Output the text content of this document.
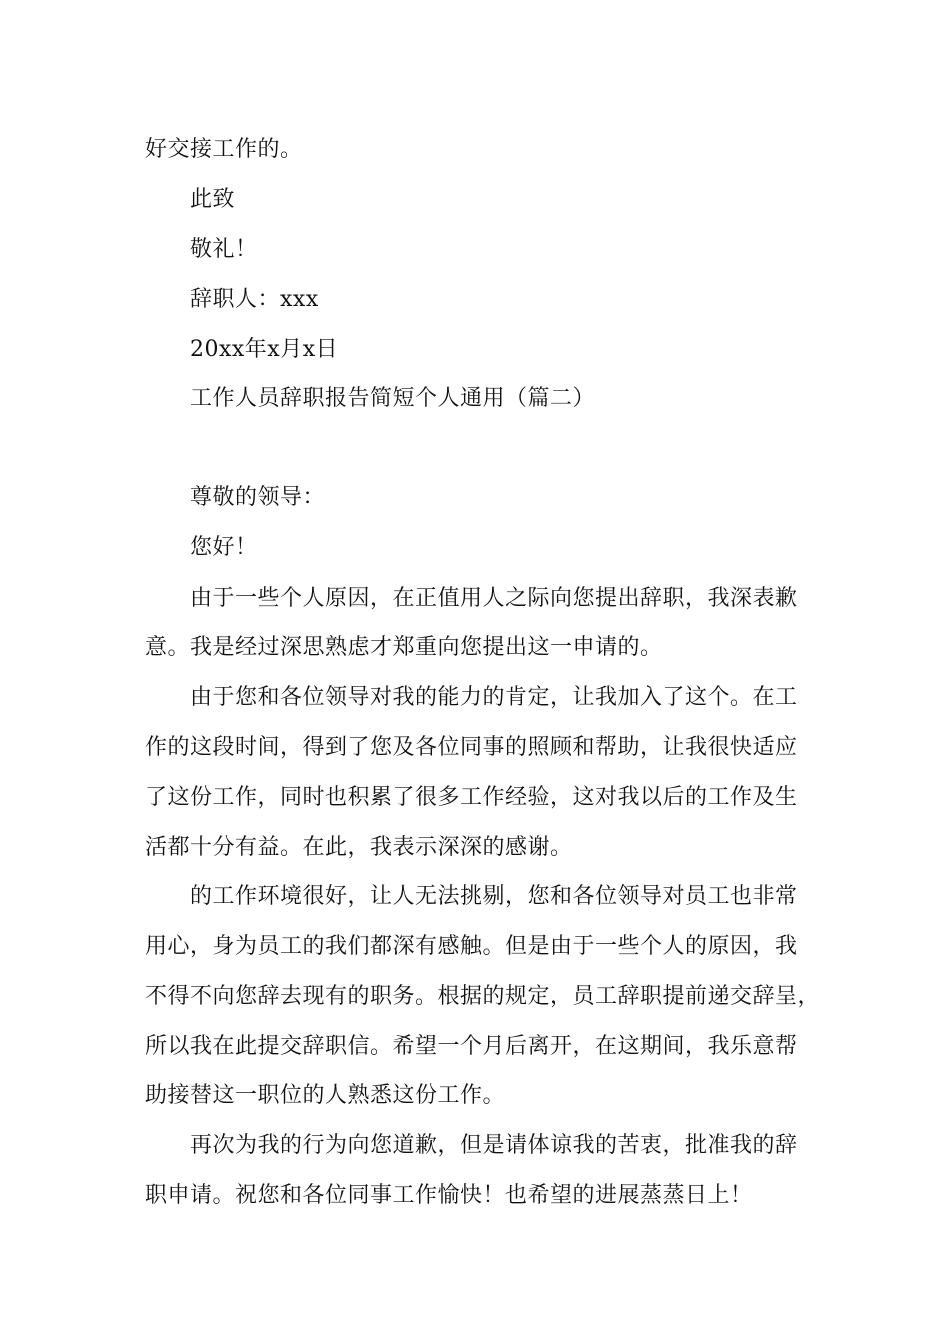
好交接工作的。
此致
敬礼！
辞职人：xxx
20xx年x月x日
工作人员辞职报告简短个人通用（篇二）
尊敬的领导：
您好！
由于一些个人原因，在正值用人之际向您提出辞职，我深表歉
意。我是经过深思熟虑才郑重向您提出这一申请的。
由于您和各位领导对我的能力的肯定，让我加入了这个。在工
作的这段时间，得到了您及各位同事的照顾和帮助，让我很快适应
了这份工作，同时也积累了很多工作经验，这对我以后的工作及生
活都十分有益。在此，我表示深深的感谢。
的工作环境很好，让人无法挑剔，您和各位领导对员工也非常
用心，身为员工的我们都深有感触。但是由于一些个人的原因，我
不得不向您辞去现有的职务。根据的规定，员工辞职提前递交辞呈，
所以我在此提交辞职信。希望一个月后离开，在这期间，我乐意帮
助接替这一职位的人熟悉这份工作。
再次为我的行为向您道歉，但是请体谅我的苦衷，批准我的辞
职申请。祝您和各位同事工作愉快！也希望的进展蒸蒸日上！
